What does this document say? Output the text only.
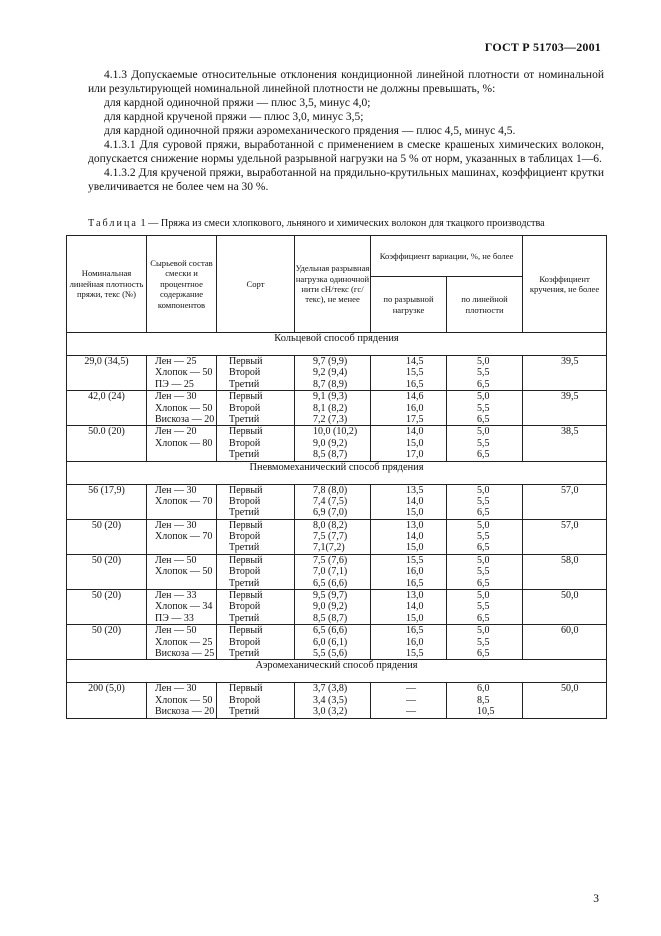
ГОСТ Р 51703—2001

4.1.3 Допускаемые относительные отклонения кондиционной линейной плотности от номинальной или результирующей номинальной линейной плотности не должны превышать, %:

для кардной одиночной пряжи — плюс 3,5, минус 4,0;

для кардной крученой пряжи — плюс 3,0, минус 3,5;

для кардной одиночной пряжи аэромеханического прядения — плюс 4,5, минус 4,5.

4.1.3.1 Для суровой пряжи, выработанной с применением в смеске крашеных химических волокон, допускается снижение нормы удельной разрывной нагрузки на 5 % от норм, указанных в таблицах 1—6.

4.1.3.2 Для крученой пряжи, выработанной на прядильно-крутильных машинах, коэффициент крутки увеличивается не более чем на 30 %.

Таблица 1 — Пряжа из смеси хлопкового, льняного и химических волокон для ткацкого производства
Номинальная линейная плотность пряжи, текс (№)	Сырьевой состав смески и процентное содержание компонентов	Сорт	Удельная разрывная нагрузка одиночной нити сН/текс (гс/текс), не менее	Коэффициент вариации, %, не более		Коэффициент кручения, не более
				по разрывной нагрузке	по линейной плотности	
Кольцевой способ прядения						
29,0 (34,5)	Лен — 25
Хлопок — 50
ПЭ — 25	Первый
Второй
Третий	9,7 (9,9)
9,2 (9,4)
8,7 (8,9)	14,5
15,5
16,5	5,0
5,5
6,5	39,5
42,0 (24)	Лен — 30
Хлопок — 50
Вискоза — 20	Первый
Второй
Третий	9,1 (9,3)
8,1 (8,2)
7,2 (7,3)	14,6
16,0
17,5	5,0
5,5
6,5	39,5
50.0 (20)	Лен — 20
Хлопок — 80	Первый
Второй
Третий	10,0 (10,2)
9,0 (9,2)
8,5 (8,7)	14,0
15,0
17,0	5,0
5,5
6,5	38,5
Пневмомеханический способ прядения						
56 (17,9)	Лен — 30
Хлопок — 70	Первый
Второй
Третий	7,8 (8,0)
7,4 (7,5)
6,9 (7,0)	13,5
14,0
15,0	5,0
5,5
6,5	57,0
50 (20)	Лен — 30
Хлопок — 70	Первый
Второй
Третий	8,0 (8,2)
7,5 (7,7)
7,1(7,2)	13,0
14,0
15,0	5,0
5,5
6,5	57,0
50 (20)	Лен — 50
Хлопок — 50	Первый
Второй
Третий	7,5 (7,6)
7,0 (7,1)
6,5 (6,6)	15,5
16,0
16,5	5,0
5,5
6,5	58,0
50 (20)	Лен — 33
Хлопок — 34
ПЭ — 33	Первый
Второй
Третий	9,5 (9,7)
9,0 (9,2)
8,5 (8,7)	13,0
14,0
15,0	5,0
5,5
6,5	50,0
50 (20)	Лен — 50
Хлопок — 25
Вискоза — 25	Первый
Второй
Третий	6,5 (6,6)
6,0 (6,1)
5,5 (5,6)	16,5
16,0
15,5	5,0
5,5
6,5	60,0
Аэромеханический способ прядения						
200 (5,0)	Лен — 30
Хлопок — 50
Вискоза — 20	Первый
Второй
Третий	3,7 (3,8)
3,4 (3,5)
3,0 (3,2)	—
—
—	6,0
8,5
10,5	50,0
3
